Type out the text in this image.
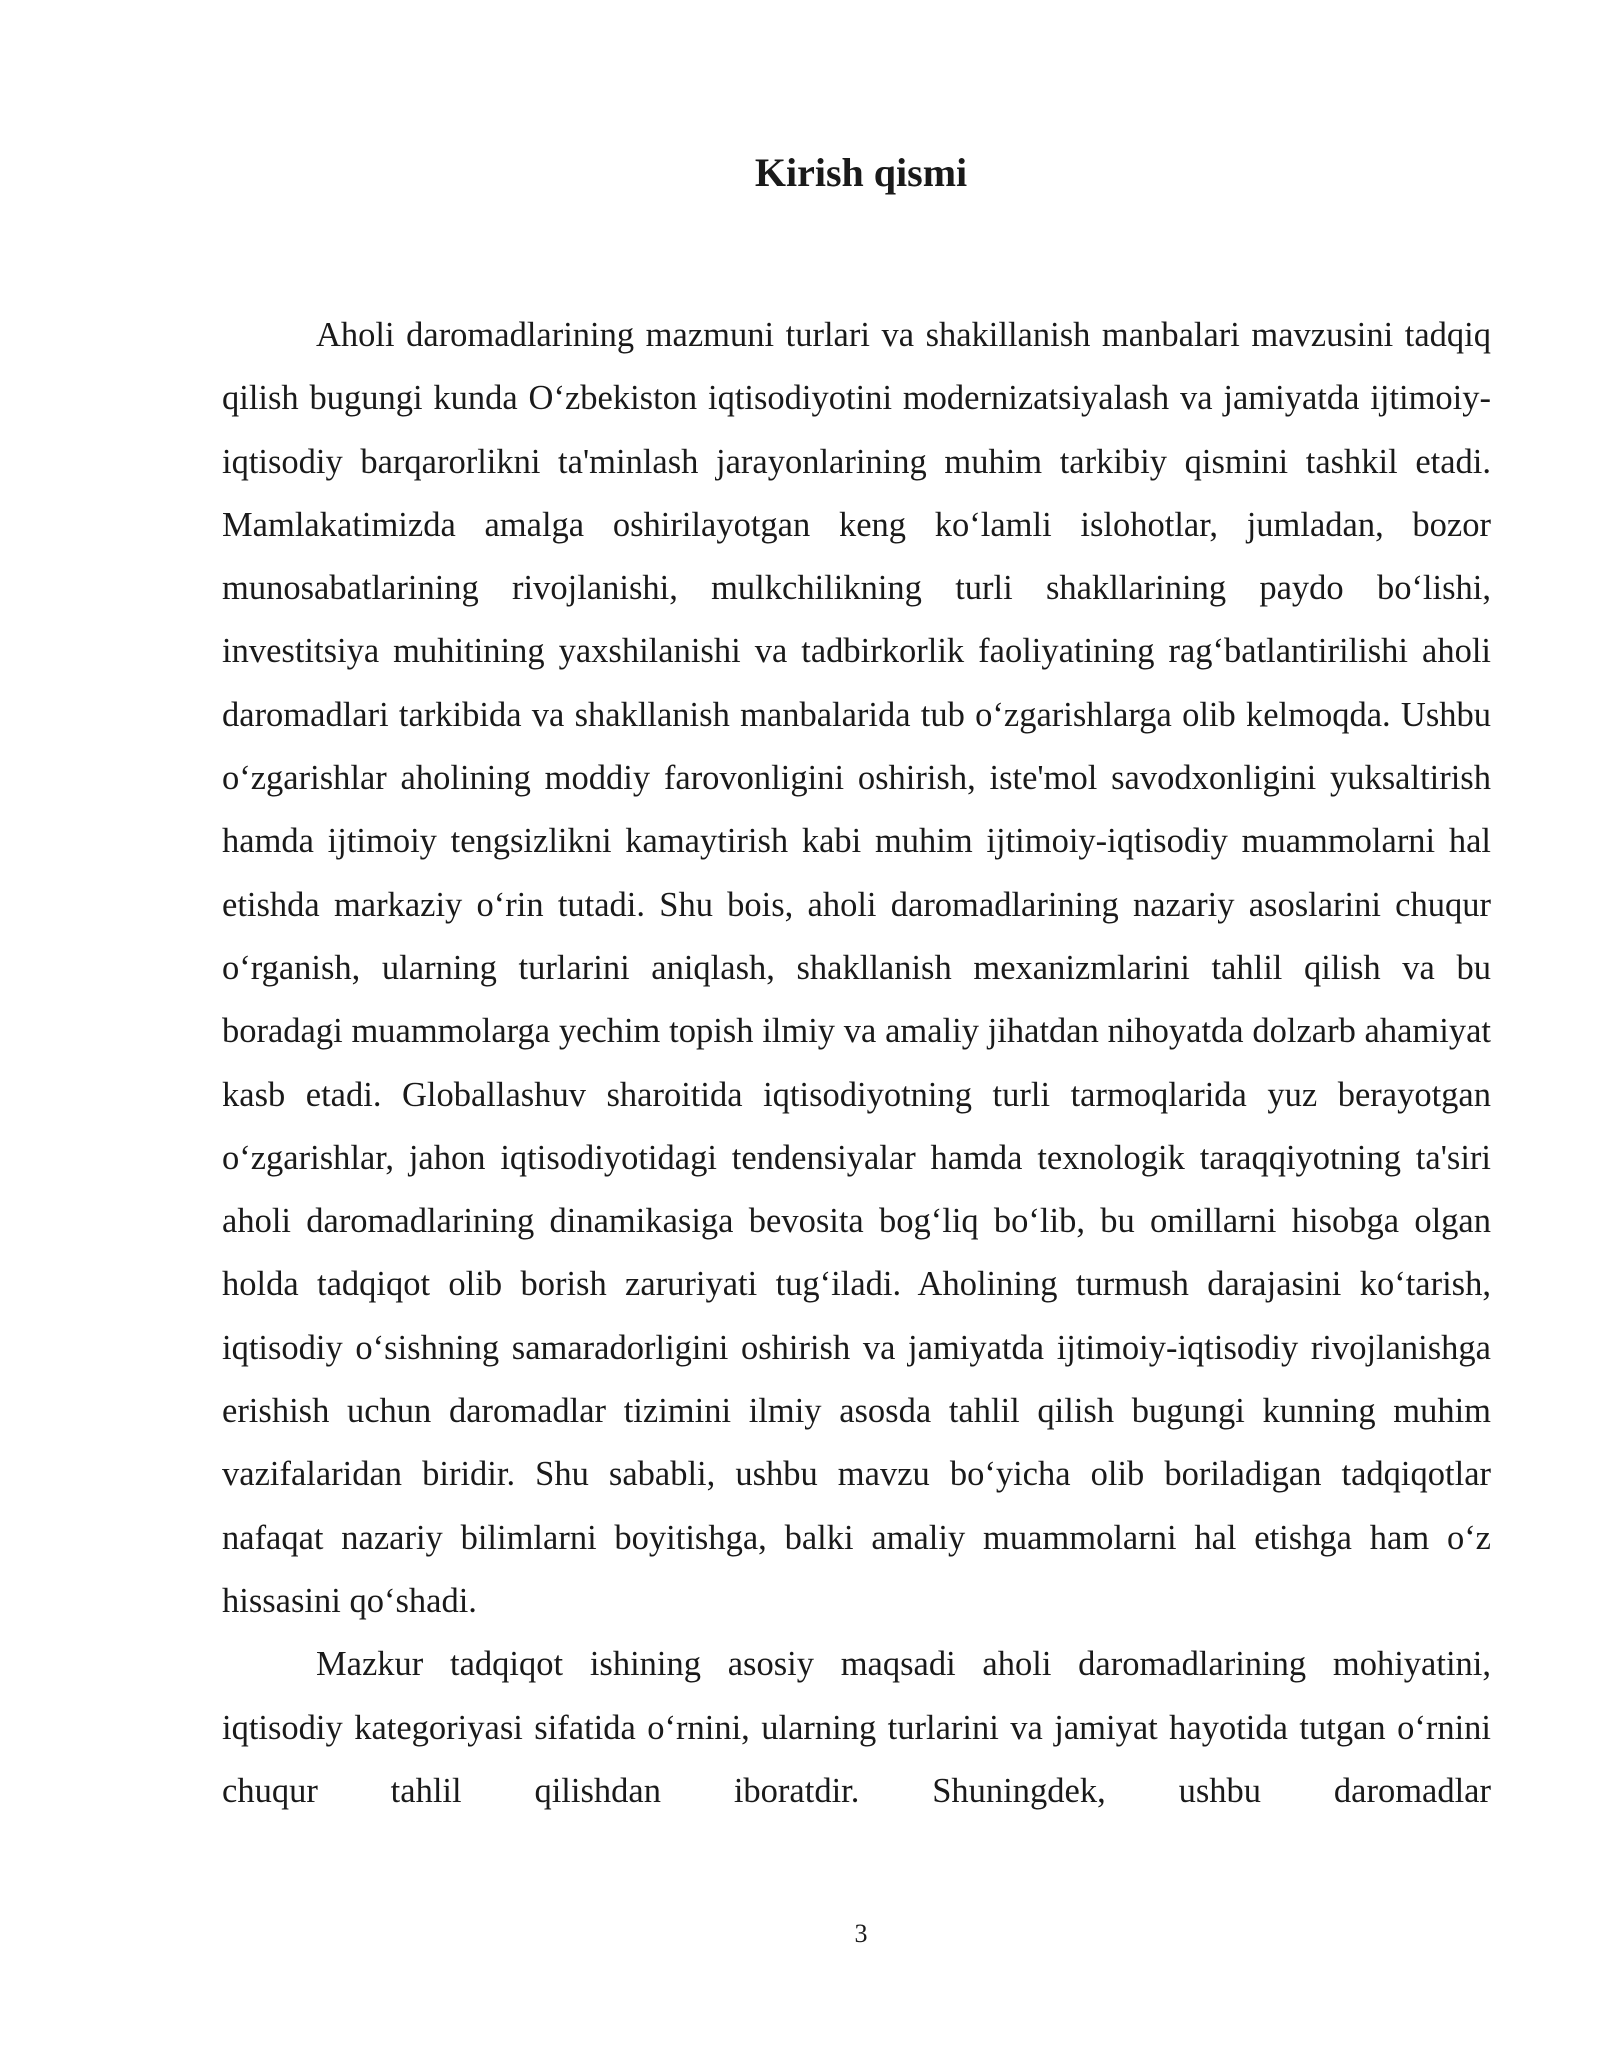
Kirish qismi

Aholi daromadlarining mazmuni turlari va shakillanish manbalari mavzusini tadqiq qilish bugungi kunda O‘zbekiston iqtisodiyotini modernizatsiyalash va jamiyatda ijtimoiy-iqtisodiy barqarorlikni ta'minlash jarayonlarining muhim tarkibiy qismini tashkil etadi. Mamlakatimizda amalga oshirilayotgan keng ko‘lamli islohotlar, jumladan, bozor munosabatlarining rivojlanishi, mulkchilikning turli shakllarining paydo bo‘lishi, investitsiya muhitining yaxshilanishi va tadbirkorlik faoliyatining rag‘batlantirilishi aholi daromadlari tarkibida va shakllanish manbalarida tub o‘zgarishlarga olib kelmoqda. Ushbu o‘zgarishlar aholining moddiy farovonligini oshirish, iste'mol savodxonligini yuksaltirish hamda ijtimoiy tengsizlikni kamaytirish kabi muhim ijtimoiy-iqtisodiy muammolarni hal etishda markaziy o‘rin tutadi. Shu bois, aholi daromadlarining nazariy asoslarini chuqur o‘rganish, ularning turlarini aniqlash, shakllanish mexanizmlarini tahlil qilish va bu boradagi muammolarga yechim topish ilmiy va amaliy jihatdan nihoyatda dolzarb ahamiyat kasb etadi. Globallashuv sharoitida iqtisodiyotning turli tarmoqlarida yuz berayotgan o‘zgarishlar, jahon iqtisodiyotidagi tendensiyalar hamda texnologik taraqqiyotning ta'siri aholi daromadlarining dinamikasiga bevosita bog‘liq bo‘lib, bu omillarni hisobga olgan holda tadqiqot olib borish zaruriyati tug‘iladi. Aholining turmush darajasini ko‘tarish, iqtisodiy o‘sishning samaradorligini oshirish va jamiyatda ijtimoiy-iqtisodiy rivojlanishga erishish uchun daromadlar tizimini ilmiy asosda tahlil qilish bugungi kunning muhim vazifalaridan biridir. Shu sababli, ushbu mavzu bo‘yicha olib boriladigan tadqiqotlar nafaqat nazariy bilimlarni boyitishga, balki amaliy muammolarni hal etishga ham o‘z hissasini qo‘shadi.

Mazkur tadqiqot ishining asosiy maqsadi aholi daromadlarining mohiyatini, iqtisodiy kategoriyasi sifatida o‘rnini, ularning turlarini va jamiyat hayotida tutgan o‘rnini chuqur tahlil qilishdan iboratdir. Shuningdek, ushbu daromadlar

3
